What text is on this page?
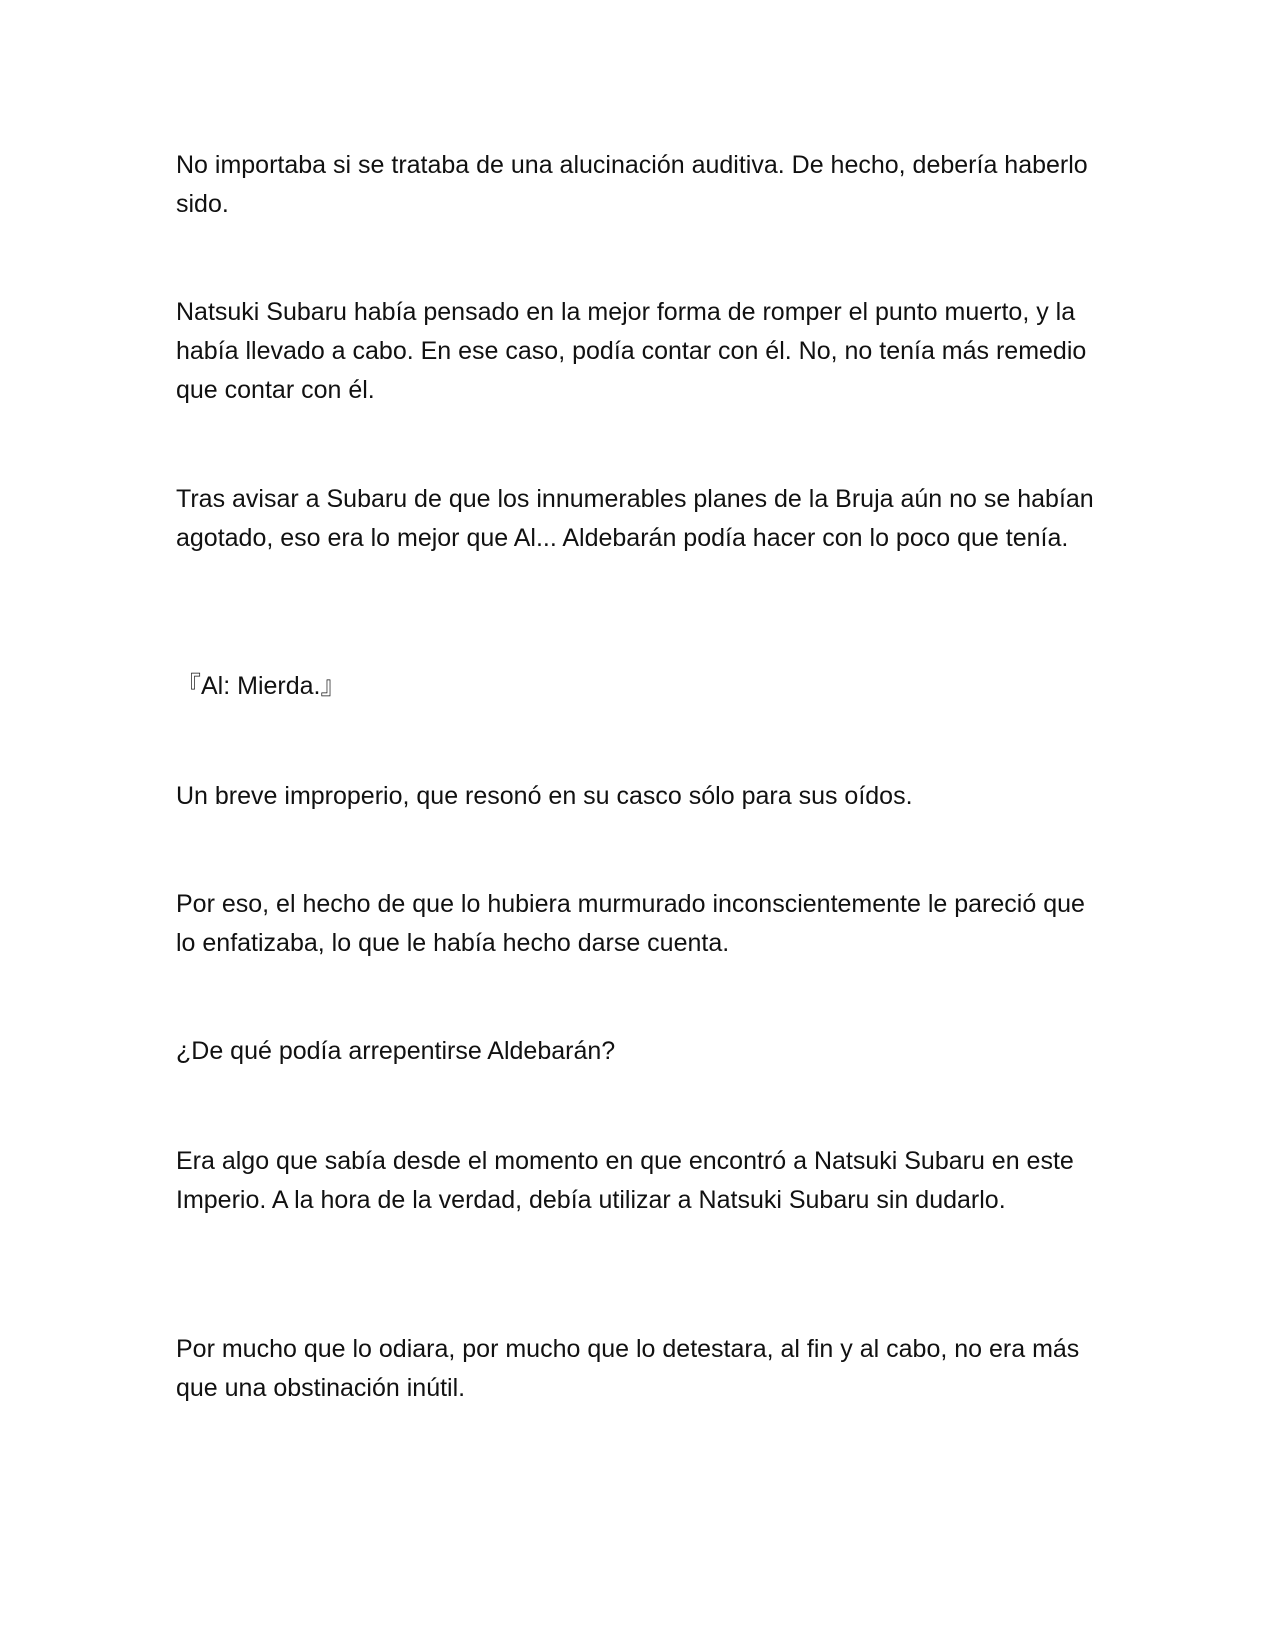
No importaba si se trataba de una alucinación auditiva. De hecho, debería haberlo sido.

Natsuki Subaru había pensado en la mejor forma de romper el punto muerto, y la había llevado a cabo. En ese caso, podía contar con él. No, no tenía más remedio que contar con él.

Tras avisar a Subaru de que los innumerables planes de la Bruja aún no se habían agotado, eso era lo mejor que Al... Aldebarán podía hacer con lo poco que tenía.

『Al: Mierda.』

Un breve improperio, que resonó en su casco sólo para sus oídos.

Por eso, el hecho de que lo hubiera murmurado inconscientemente le pareció que lo enfatizaba, lo que le había hecho darse cuenta.

¿De qué podía arrepentirse Aldebarán?

Era algo que sabía desde el momento en que encontró a Natsuki Subaru en este Imperio. A la hora de la verdad, debía utilizar a Natsuki Subaru sin dudarlo.

Por mucho que lo odiara, por mucho que lo detestara, al fin y al cabo, no era más que una obstinación inútil.
